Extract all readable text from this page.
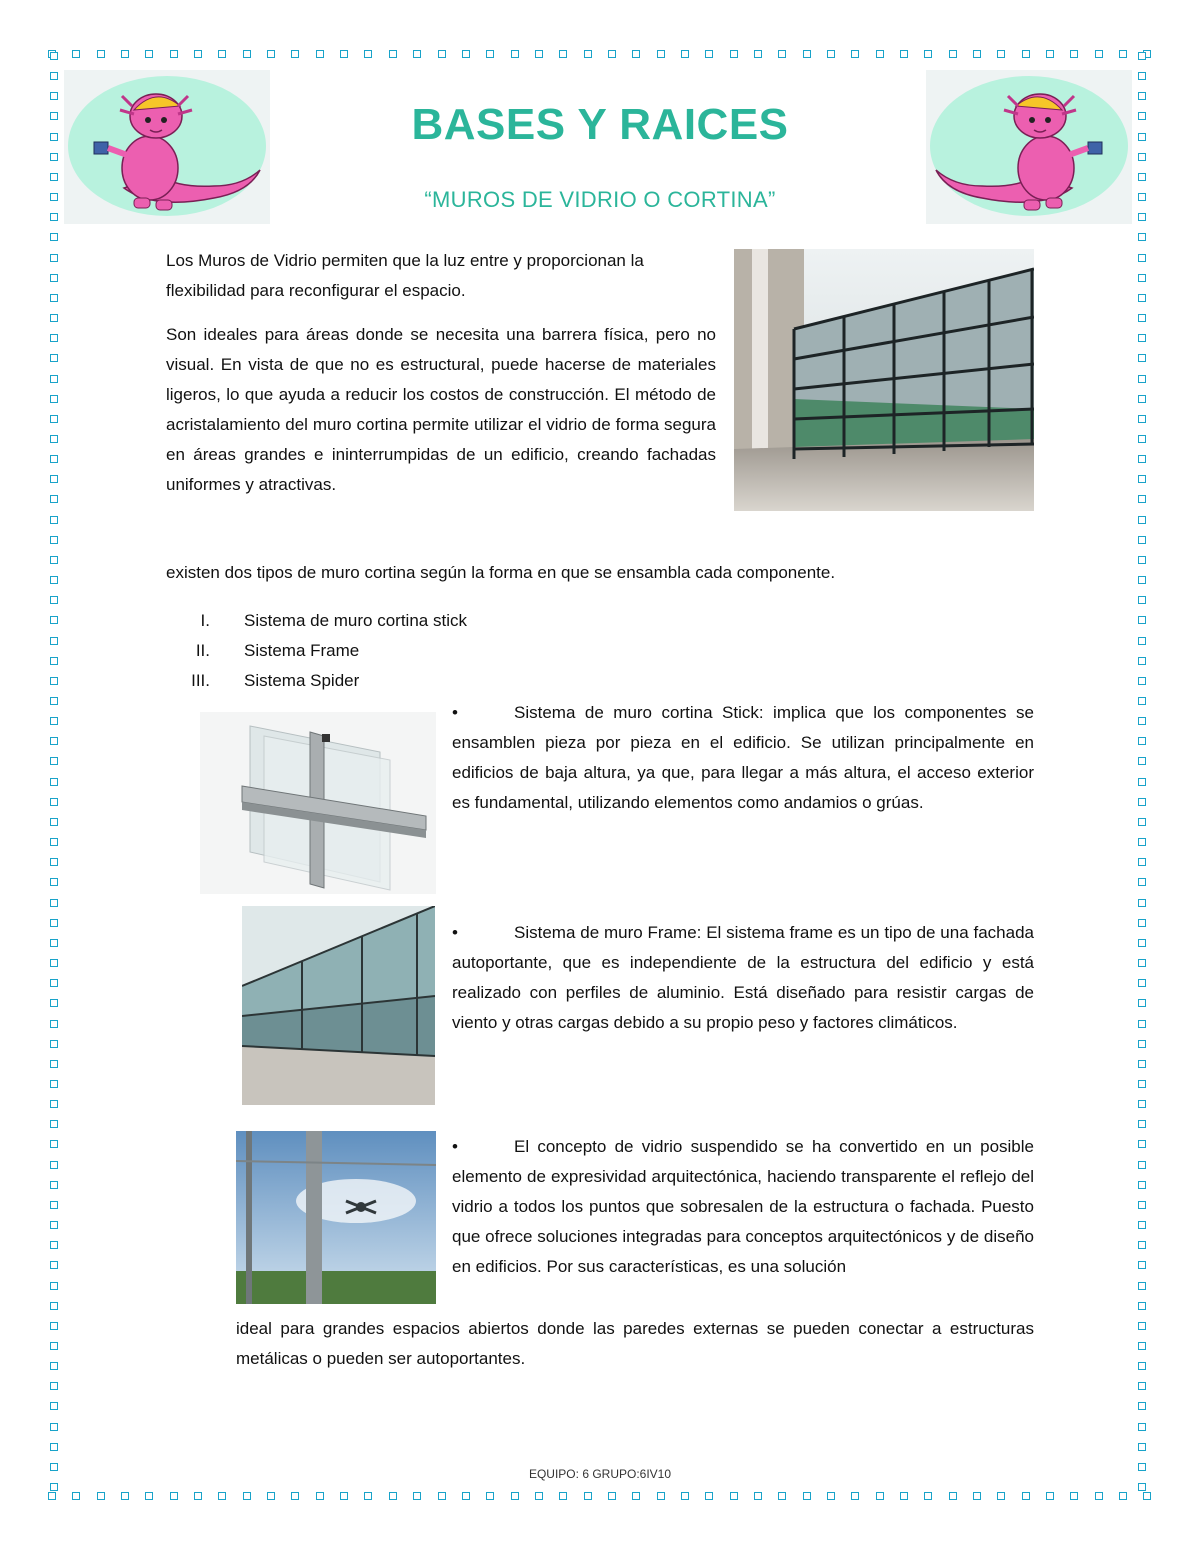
BASES Y RAICES
“MUROS DE VIDRIO O CORTINA”

Los Muros de Vidrio permiten que la luz entre y proporcionan la flexibilidad para reconfigurar el espacio.

Son ideales para áreas donde se necesita una barrera física, pero no visual. En vista de que no es estructural, puede hacerse de materiales ligeros, lo que ayuda a reducir los costos de construcción. El método de acristalamiento del muro cortina permite utilizar el vidrio de forma segura en áreas grandes e ininterrumpidas de un edificio, creando fachadas uniformes y atractivas.

existen dos tipos de muro cortina según la forma en que se ensambla cada componente.
I. Sistema de muro cortina stick
II. Sistema Frame
III. Sistema Spider
•	Sistema de muro cortina Stick: implica que los componentes se ensamblen pieza por pieza en el edificio. Se utilizan principalmente en edificios de baja altura, ya que, para llegar a más altura, el acceso exterior es fundamental, utilizando elementos como andamios o grúas.
•	Sistema de muro Frame: El sistema frame es un tipo de una fachada autoportante, que es independiente de la estructura del edificio y está realizado con perfiles de aluminio. Está diseñado para resistir cargas de viento y otras cargas debido a su propio peso y factores climáticos.
•	El concepto de vidrio suspendido se ha convertido en un posible elemento de expresividad arquitectónica, haciendo transparente el reflejo del vidrio a todos los puntos que sobresalen de la estructura o fachada. Puesto que ofrece soluciones integradas para conceptos arquitectónicos y de diseño en edificios. Por sus características, es una solución
ideal para grandes espacios abiertos donde las paredes externas se pueden conectar a estructuras metálicas o pueden ser autoportantes.
EQUIPO: 6 GRUPO:6IV10
